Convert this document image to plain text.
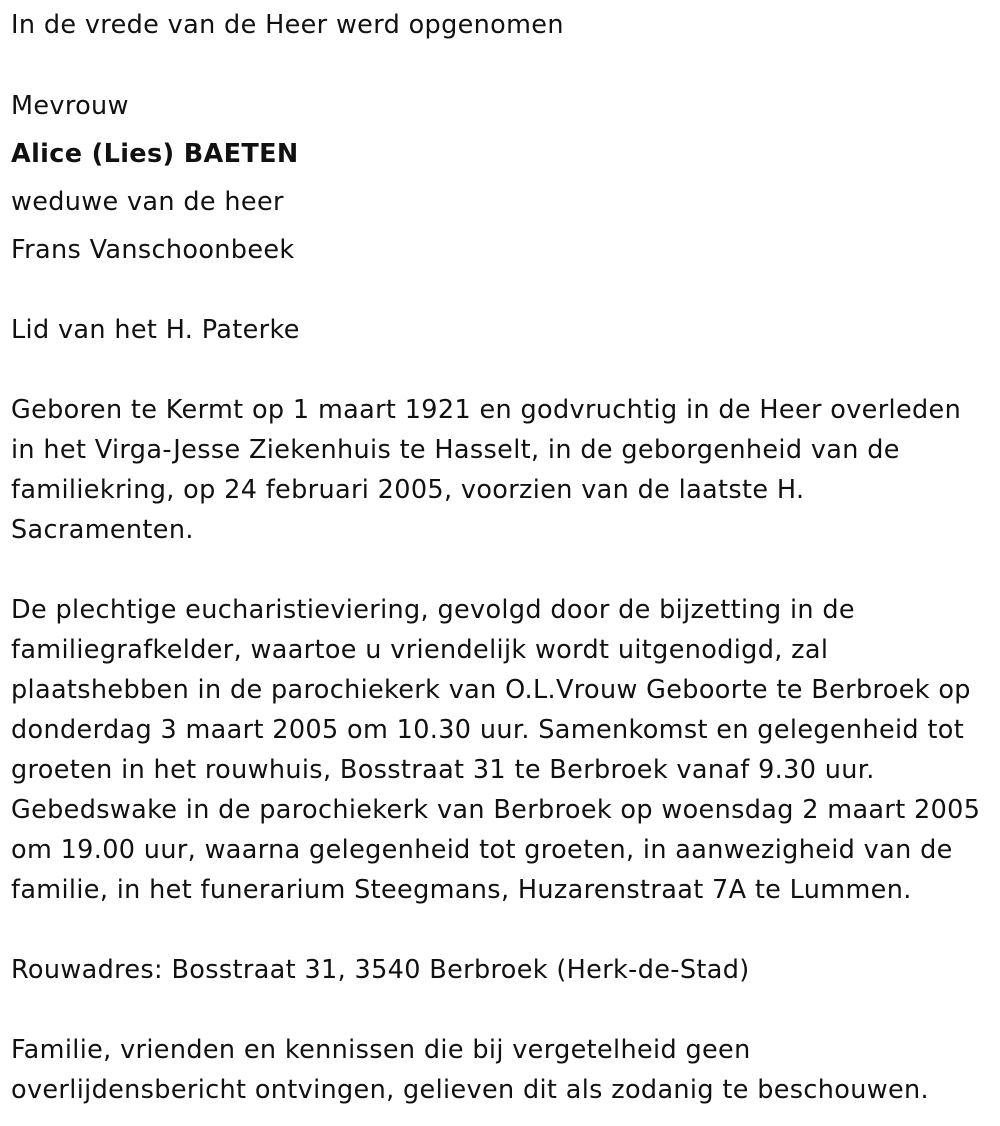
In de vrede van de Heer werd opgenomen
Mevrouw
Alice (Lies) BAETEN
weduwe van de heer
Frans Vanschoonbeek
Lid van het H. Paterke
Geboren te Kermt op 1 maart 1921 en godvruchtig in de Heer overleden
in het Virga-Jesse Ziekenhuis te Hasselt, in de geborgenheid van de
familiekring, op 24 februari 2005, voorzien van de laatste H.
Sacramenten.
De plechtige eucharistieviering, gevolgd door de bijzetting in de
familiegrafkelder, waartoe u vriendelijk wordt uitgenodigd, zal
plaatshebben in de parochiekerk van O.L.Vrouw Geboorte te Berbroek op
donderdag 3 maart 2005 om 10.30 uur. Samenkomst en gelegenheid tot
groeten in het rouwhuis, Bosstraat 31 te Berbroek vanaf 9.30 uur.
Gebedswake in de parochiekerk van Berbroek op woensdag 2 maart 2005
om 19.00 uur, waarna gelegenheid tot groeten, in aanwezigheid van de
familie, in het funerarium Steegmans, Huzarenstraat 7A te Lummen.
Rouwadres: Bosstraat 31, 3540 Berbroek (Herk-de-Stad)
Familie, vrienden en kennissen die bij vergetelheid geen
overlijdensbericht ontvingen, gelieven dit als zodanig te beschouwen.
